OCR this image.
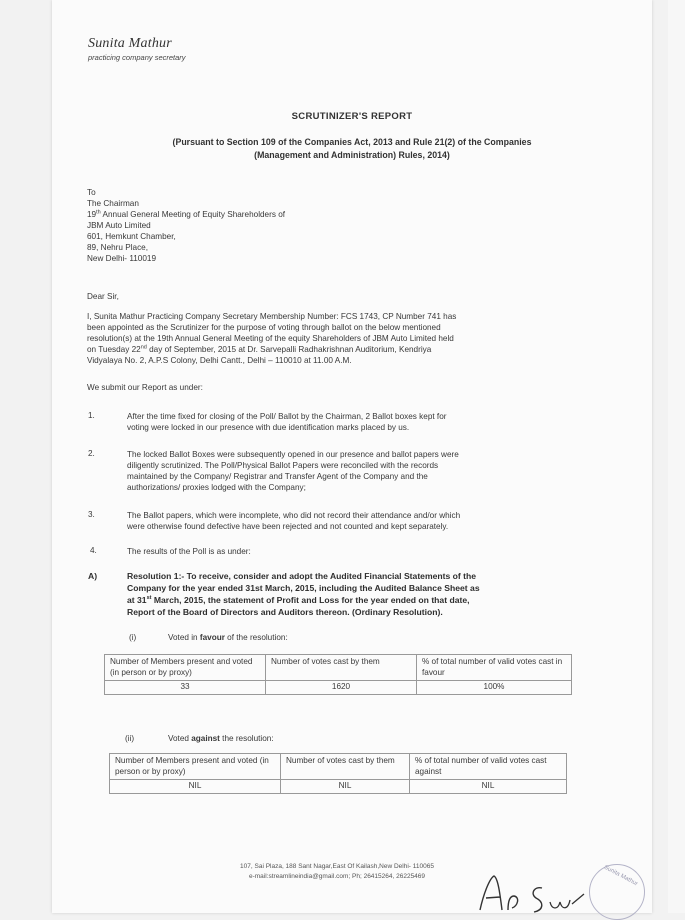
Sunita Mathur
practicing company secretary
SCRUTINIZER'S REPORT
(Pursuant to Section 109 of the Companies Act, 2013 and Rule 21(2) of the Companies
(Management and Administration) Rules, 2014)
To
The Chairman
19th Annual General Meeting of Equity Shareholders of
JBM Auto Limited
601, Hemkunt Chamber,
89, Nehru Place,
New Delhi- 110019
Dear Sir,
I, Sunita Mathur Practicing Company Secretary Membership Number: FCS 1743, CP Number 741 has
been appointed as the Scrutinizer for the purpose of voting through ballot on the below mentioned
resolution(s) at the 19th Annual General Meeting of the equity Shareholders of JBM Auto Limited held
on Tuesday 22nd day of September, 2015 at Dr. Sarvepalli Radhakrishnan Auditorium, Kendriya
Vidyalaya No. 2, A.P.S Colony, Delhi Cantt., Delhi – 110010 at 11.00 A.M.
We submit our Report as under:
1.	After the time fixed for closing of the Poll/ Ballot by the Chairman, 2 Ballot boxes kept for
voting were locked in our presence with due identification marks placed by us.
2.	The locked Ballot Boxes were subsequently opened in our presence and ballot papers were
diligently scrutinized. The Poll/Physical Ballot Papers were reconciled with the records
maintained by the Company/ Registrar and Transfer Agent of the Company and the
authorizations/ proxies lodged with the Company;
3.	The Ballot papers, which were incomplete, who did not record their attendance and/or which
were otherwise found defective have been rejected and not counted and kept separately.
4.	The results of the Poll is as under:
A)	Resolution 1:- To receive, consider and adopt the Audited Financial Statements of the
Company for the year ended 31st March, 2015, including the Audited Balance Sheet as
at 31st March, 2015, the statement of Profit and Loss for the year ended on that date,
Report of the Board of Directors and Auditors thereon. (Ordinary Resolution).
(i)	Voted in favour of the resolution:
Number of Members present and voted (in person or by proxy)	Number of votes cast by them	% of total number of valid votes cast in favour
33	1620	100%
(ii)	Voted against the resolution:
Number of Members present and voted (in person or by proxy)	Number of votes cast by them	% of total number of valid votes cast against
NIL	NIL	NIL
107, Sai Plaza, 188 Sant Nagar,East Of Kailash,New Delhi- 110065
e-mail:streamlineindia@gmail.com; Ph; 26415264, 26225469	Sunita Mathur
